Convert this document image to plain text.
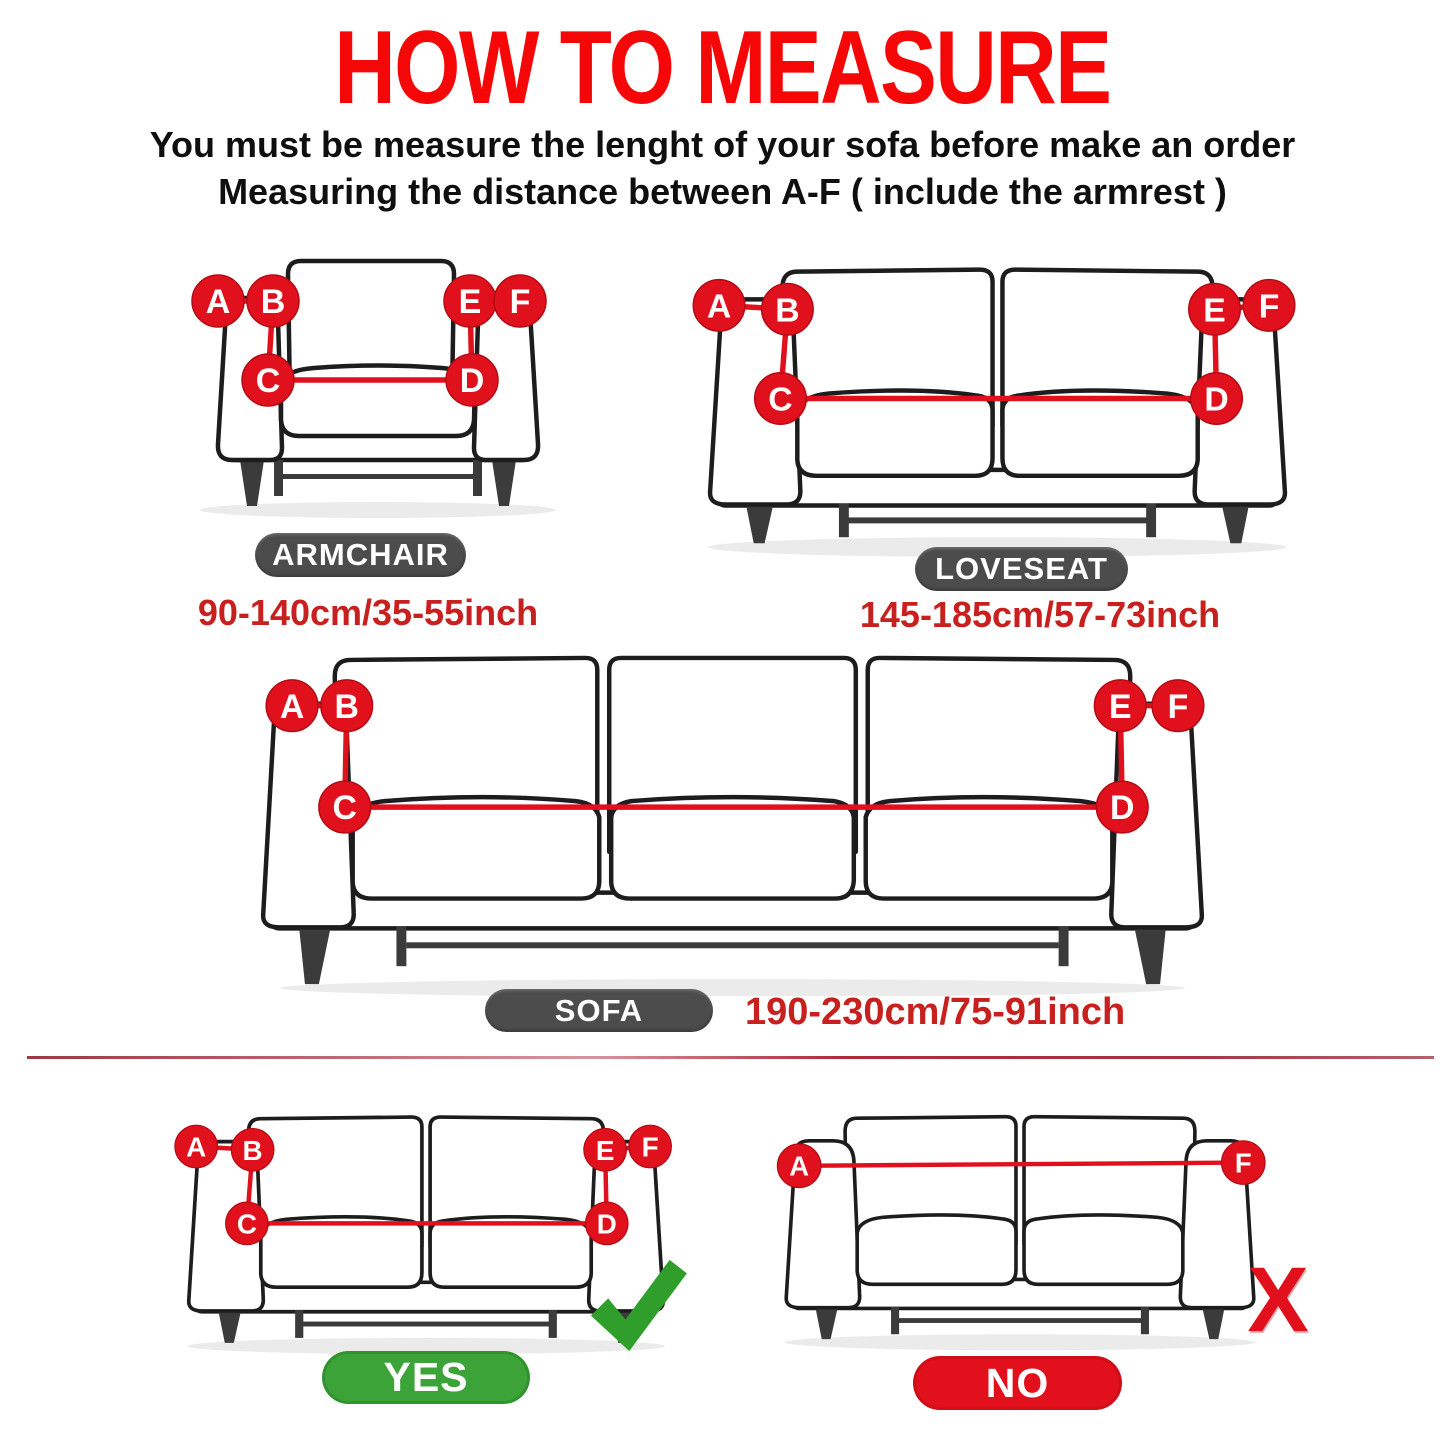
HOW TO MEASURE
You must be measure the lenght of your sofa before make an order
Measuring the distance between A-F ( include the armrest )
A B
C	D
E F
ARMCHAIR
90-140cm/35-55inch
LOVESEAT
145-185cm/57-73inch
A B
C	D
E F
SOFA	190-230cm/75-91inch
YES
A	F
X
NO
